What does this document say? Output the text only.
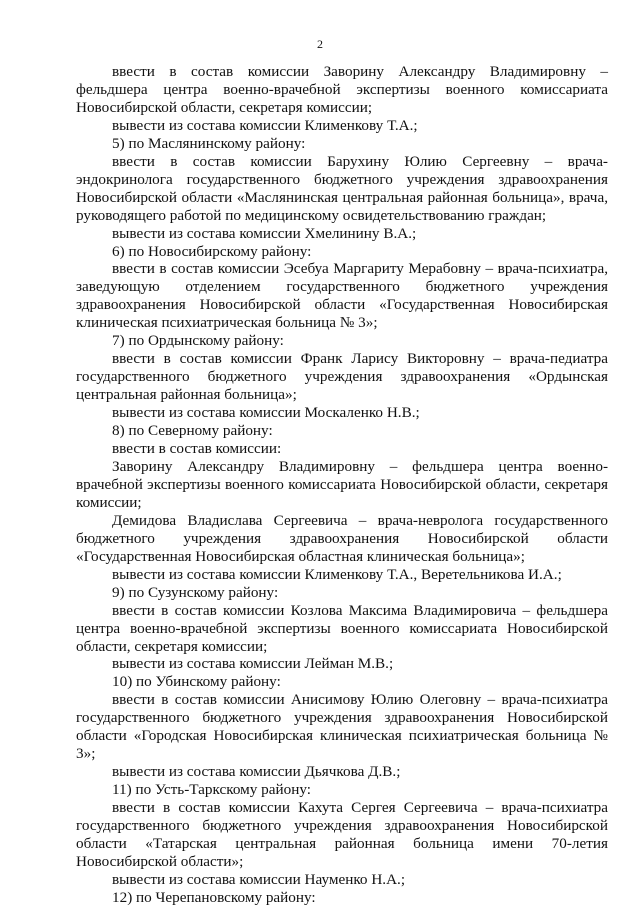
2

ввести в состав комиссии Заворину Александру Владимировну – фельдшера центра военно-врачебной экспертизы военного комиссариата Новосибирской области, секретаря комиссии;

вывести из состава комиссии Клименкову Т.А.;

5) по Маслянинскому району:

ввести в состав комиссии Барухину Юлию Сергеевну – врача-эндокринолога государственного бюджетного учреждения здравоохранения Новосибирской области «Маслянинская центральная районная больница», врача, руководящего работой по медицинскому освидетельствованию граждан;

вывести из состава комиссии Хмелинину В.А.;

6) по Новосибирскому району:

ввести в состав комиссии Эсебуа Маргариту Мерабовну – врача-психиатра, заведующую отделением государственного бюджетного учреждения здравоохранения Новосибирской области «Государственная Новосибирская клиническая психиатрическая больница № 3»;

7) по Ордынскому району:

ввести в состав комиссии Франк Ларису Викторовну – врача-педиатра государственного бюджетного учреждения здравоохранения «Ордынская центральная районная больница»;

вывести из состава комиссии Москаленко Н.В.;

8) по Северному району:

ввести в состав комиссии:

Заворину Александру Владимировну – фельдшера центра военно-врачебной экспертизы военного комиссариата Новосибирской области, секретаря комиссии;

Демидова Владислава Сергеевича – врача-невролога государственного бюджетного учреждения здравоохранения Новосибирской области «Государственная Новосибирская областная клиническая больница»;

вывести из состава комиссии Клименкову Т.А., Веретельникова И.А.;

9) по Сузунскому району:

ввести в состав комиссии Козлова Максима Владимировича – фельдшера центра военно-врачебной экспертизы военного комиссариата Новосибирской области, секретаря комиссии;

вывести из состава комиссии Лейман М.В.;

10) по Убинскому району:

ввести в состав комиссии Анисимову Юлию Олеговну – врача-психиатра государственного бюджетного учреждения здравоохранения Новосибирской области «Городская Новосибирская клиническая психиатрическая больница № 3»;

вывести из состава комиссии Дьячкова Д.В.;

11) по Усть-Таркскому району:

ввести в состав комиссии Кахута Сергея Сергеевича – врача-психиатра государственного бюджетного учреждения здравоохранения Новосибирской области «Татарская центральная районная больница имени 70-летия Новосибирской области»;

вывести из состава комиссии Науменко Н.А.;

12) по Черепановскому району:
